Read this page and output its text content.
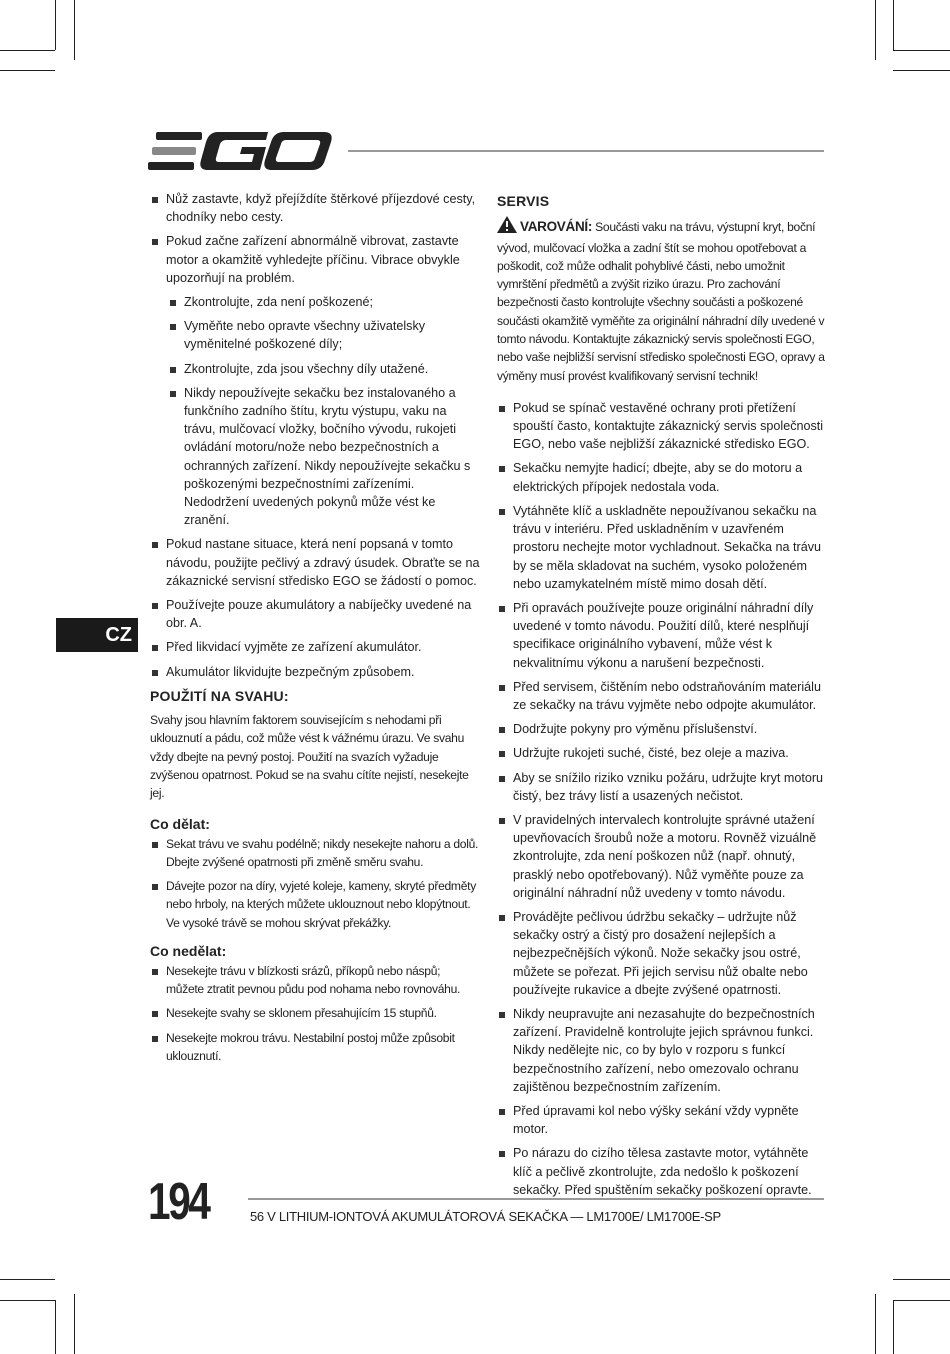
Nůž zastavte, když přejíždíte štěrkové příjezdové cesty, chodníky nebo cesty.
Pokud začne zařízení abnormálně vibrovat, zastavte motor a okamžitě vyhledejte příčinu. Vibrace obvykle upozorňují na problém.
Zkontrolujte, zda není poškozené;
Vyměňte nebo opravte všechny uživatelsky vyměnitelné poškozené díly;
Zkontrolujte, zda jsou všechny díly utažené.
Nikdy nepoužívejte sekačku bez instalovaného a funkčního zadního štítu, krytu výstupu, vaku na trávu, mulčovací vložky, bočního vývodu, rukojeti ovládání motoru/nože nebo bezpečnostních a ochranných zařízení. Nikdy nepoužívejte sekačku s poškozenými bezpečnostními zařízeními. Nedodržení uvedených pokynů může vést ke zranění.
Pokud nastane situace, která není popsaná v tomto návodu, použijte pečlivý a zdravý úsudek. Obraťte se na zákaznické servisní středisko EGO se žádostí o pomoc.
Používejte pouze akumulátory a nabíječky uvedené na obr. A.
Před likvidací vyjměte ze zařízení akumulátor.
Akumulátor likvidujte bezpečným způsobem.
POUŽITÍ NA SVAHU:

Svahy jsou hlavním faktorem souvisejícím s nehodami při uklouznutí a pádu, což může vést k vážnému úrazu. Ve svahu vždy dbejte na pevný postoj. Použití na svazích vyžaduje zvýšenou opatrnost. Pokud se na svahu cítíte nejistí, nesekejte jej.

Co dělat:
Sekat trávu ve svahu podélně; nikdy nesekejte nahoru a dolů. Dbejte zvýšené opatrnosti při změně směru svahu.
Dávejte pozor na díry, vyjeté koleje, kameny, skryté předměty nebo hrboly, na kterých můžete uklouznout nebo klopýtnout. Ve vysoké trávě se mohou skrývat překážky.
Co nedělat:
Nesekejte trávu v blízkosti srázů, příkopů nebo náspů; můžete ztratit pevnou půdu pod nohama nebo rovnováhu.
Nesekejte svahy se sklonem přesahujícím 15 stupňů.
Nesekejte mokrou trávu. Nestabilní postoj může způsobit uklouznutí.
SERVIS

VAROVÁNÍ: Součásti vaku na trávu, výstupní kryt, boční vývod, mulčovací vložka a zadní štít se mohou opotřebovat a poškodit, což může odhalit pohyblivé části, nebo umožnit vymrštění předmětů a zvýšit riziko úrazu. Pro zachování bezpečnosti často kontrolujte všechny součásti a poškozené součásti okamžitě vyměňte za originální náhradní díly uvedené v tomto návodu. Kontaktujte zákaznický servis společnosti EGO, nebo vaše nejbližší servisní středisko společnosti EGO, opravy a výměny musí provést kvalifikovaný servisní technik!

Pokud se spínač vestavěné ochrany proti přetížení spouští často, kontaktujte zákaznický servis společnosti EGO, nebo vaše nejbližší zákaznické středisko EGO.
Sekačku nemyjte hadicí; dbejte, aby se do motoru a elektrických přípojek nedostala voda.
Vytáhněte klíč a uskladněte nepoužívanou sekačku na trávu v interiéru. Před uskladněním v uzavřeném prostoru nechejte motor vychladnout. Sekačka na trávu by se měla skladovat na suchém, vysoko položeném nebo uzamykatelném místě mimo dosah dětí.
Při opravách používejte pouze originální náhradní díly uvedené v tomto návodu. Použití dílů, které nesplňují specifikace originálního vybavení, může vést k nekvalitnímu výkonu a narušení bezpečnosti.
Před servisem, čištěním nebo odstraňováním materiálu ze sekačky na trávu vyjměte nebo odpojte akumulátor.
Dodržujte pokyny pro výměnu příslušenství.
Udržujte rukojeti suché, čisté, bez oleje a maziva.
Aby se snížilo riziko vzniku požáru, udržujte kryt motoru čistý, bez trávy listí a usazených nečistot.
V pravidelných intervalech kontrolujte správné utažení upevňovacích šroubů nože a motoru. Rovněž vizuálně zkontrolujte, zda není poškozen nůž (např. ohnutý, prasklý nebo opotřebovaný). Nůž vyměňte pouze za originální náhradní nůž uvedeny v tomto návodu.
Provádějte pečlivou údržbu sekačky – udržujte nůž sekačky ostrý a čistý pro dosažení nejlepších a nejbezpečnějších výkonů. Nože sekačky jsou ostré, můžete se pořezat. Při jejich servisu nůž obalte nebo používejte rukavice a dbejte zvýšené opatrnosti.
Nikdy neupravujte ani nezasahujte do bezpečnostních zařízení. Pravidelně kontrolujte jejich správnou funkci. Nikdy nedělejte nic, co by bylo v rozporu s funkcí bezpečnostního zařízení, nebo omezovalo ochranu zajištěnou bezpečnostním zařízením.
Před úpravami kol nebo výšky sekání vždy vypněte motor.
Po nárazu do cizího tělesa zastavte motor, vytáhněte klíč a pečlivě zkontrolujte, zda nedošlo k poškození sekačky. Před spuštěním sekačky poškození opravte.
CZ
194	56 V LITHIUM-IONTOVÁ AKUMULÁTOROVÁ SEKAČKA — LM1700E/ LM1700E-SP
